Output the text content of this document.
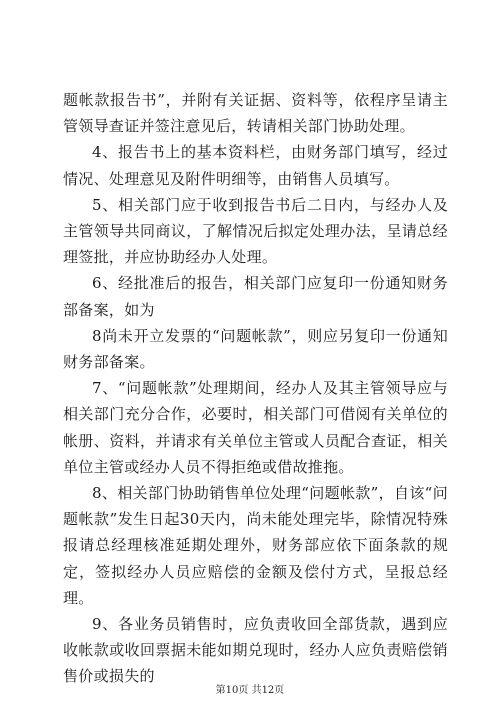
题帐款报告书”，并附有关证据、资料等，依程序呈请主管领导查证并签注意见后，转请相关部门协助处理。

4、报告书上的基本资料栏，由财务部门填写，经过情况、处理意见及附件明细等，由销售人员填写。

5、相关部门应于收到报告书后二日内，与经办人及主管领导共同商议，了解情况后拟定处理办法，呈请总经理签批，并应协助经办人处理。

6、经批准后的报告，相关部门应复印一份通知财务部备案，如为

8尚未开立发票的“问题帐款”，则应另复印一份通知财务部备案。

7、“问题帐款”处理期间，经办人及其主管领导应与相关部门充分合作，必要时，相关部门可借阅有关单位的帐册、资料，并请求有关单位主管或人员配合查证，相关单位主管或经办人员不得拒绝或借故推拖。

8、相关部门协助销售单位处理“问题帐款”，自该“问题帐款”发生日起30天内，尚未能处理完毕，除情况特殊报请总经理核准延期处理外，财务部应依下面条款的规定，签拟经办人员应赔偿的金额及偿付方式，呈报总经理。

9、各业务员销售时，应负责收回全部货款，遇到应收帐款或收回票据未能如期兑现时，经办人应负责赔偿销售价或损失的

第10页 共12页
